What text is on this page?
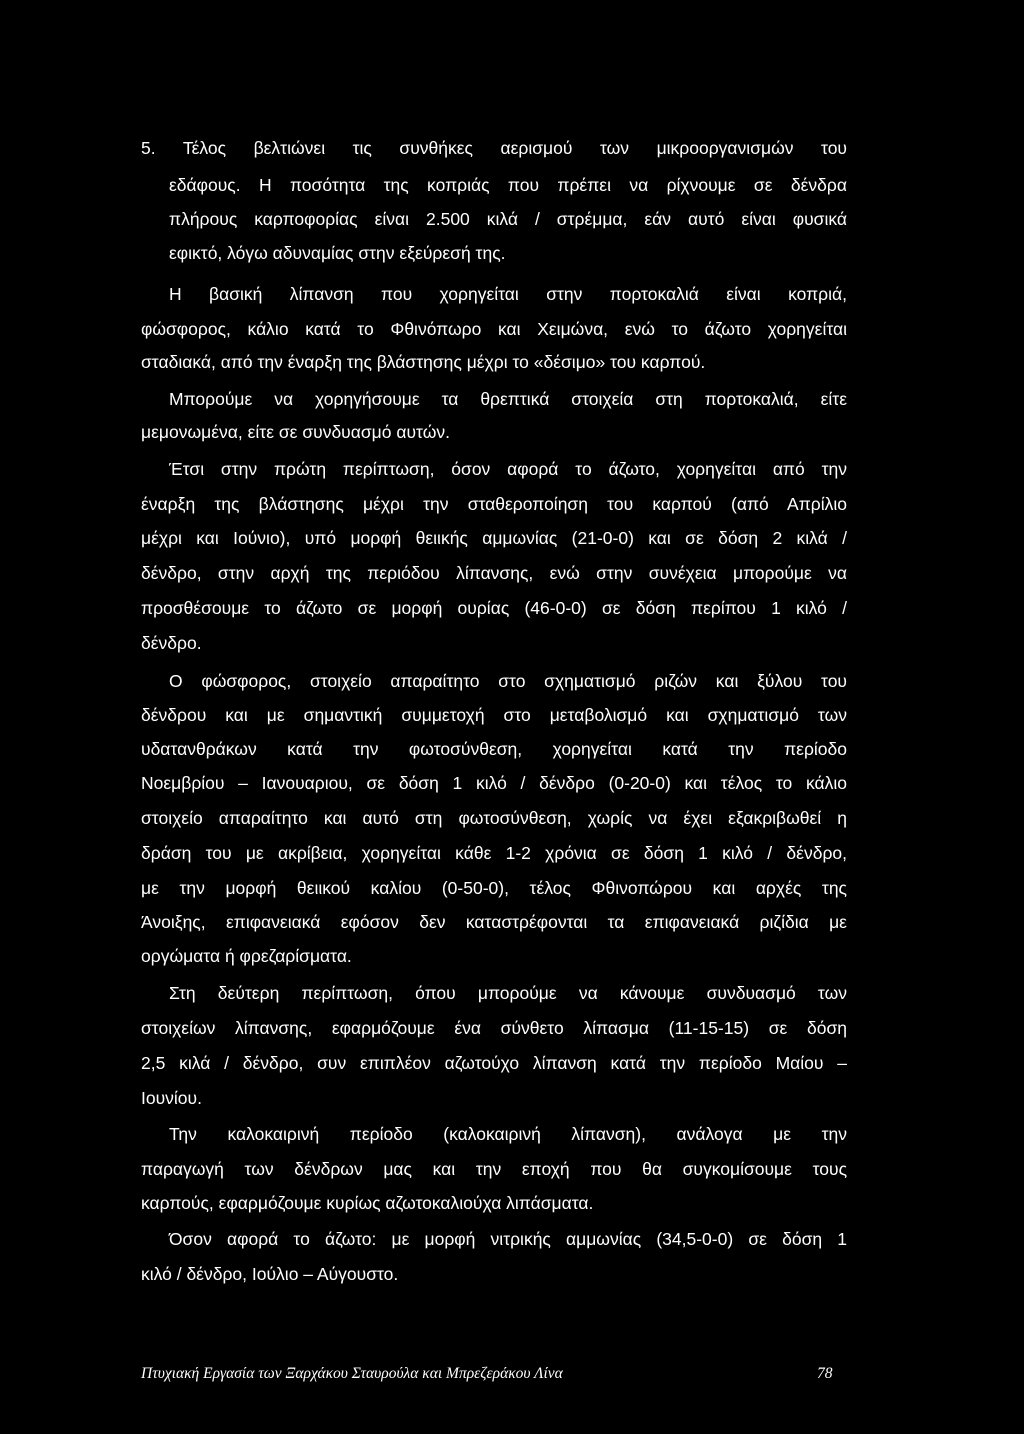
5. Τέλος βελτιώνει τις συνθήκες αερισμού των μικροοργανισμών του
εδάφους. Η ποσότητα της κοπριάς που πρέπει να ρίχνουμε σε δένδρα
πλήρους καρποφορίας είναι 2.500 κιλά / στρέμμα, εάν αυτό είναι φυσικά
εφικτό, λόγω αδυναμίας στην εξεύρεσή της.
Η βασική λίπανση που χορηγείται στην πορτοκαλιά είναι κοπριά,
φώσφορος, κάλιο κατά το Φθινόπωρο και Χειμώνα, ενώ το άζωτο χορηγείται
σταδιακά, από την έναρξη της βλάστησης μέχρι το «δέσιμο» του καρπού.
Μπορούμε να χορηγήσουμε τα θρεπτικά στοιχεία στη πορτοκαλιά, είτε
μεμονωμένα, είτε σε συνδυασμό αυτών.
Έτσι στην πρώτη περίπτωση, όσον αφορά το άζωτο, χορηγείται από την
έναρξη της βλάστησης μέχρι την σταθεροποίηση του καρπού (από Απρίλιο
μέχρι και Ιούνιο), υπό μορφή θειικής αμμωνίας (21-0-0) και σε δόση 2 κιλά /
δένδρο, στην αρχή της περιόδου λίπανσης, ενώ στην συνέχεια μπορούμε να
προσθέσουμε το άζωτο σε μορφή ουρίας (46-0-0) σε δόση περίπου 1 κιλό /
δένδρο.
Ο φώσφορος, στοιχείο απαραίτητο στο σχηματισμό ριζών και ξύλου του
δένδρου και με σημαντική συμμετοχή στο μεταβολισμό και σχηματισμό των
υδατανθράκων κατά την φωτοσύνθεση, χορηγείται κατά την περίοδο
Νοεμβρίου – Ιανουαριου, σε δόση 1 κιλό / δένδρο (0-20-0) και τέλος το κάλιο
στοιχείο απαραίτητο και αυτό στη φωτοσύνθεση, χωρίς να έχει εξακριβωθεί η
δράση του με ακρίβεια, χορηγείται κάθε 1-2 χρόνια σε δόση 1 κιλό / δένδρο,
με την μορφή θειικού καλίου (0-50-0), τέλος Φθινοπώρου και αρχές της
Άνοιξης, επιφανειακά εφόσον δεν καταστρέφονται τα επιφανειακά ριζίδια με
οργώματα ή φρεζαρίσματα.
Στη δεύτερη περίπτωση, όπου μπορούμε να κάνουμε συνδυασμό των
στοιχείων λίπανσης, εφαρμόζουμε ένα σύνθετο λίπασμα (11-15-15) σε δόση
2,5 κιλά / δένδρο, συν επιπλέον αζωτούχο λίπανση κατά την περίοδο Μαίου –
Ιουνίου.
Την καλοκαιρινή περίοδο (καλοκαιρινή λίπανση), ανάλογα με την
παραγωγή των δένδρων μας και την εποχή που θα συγκομίσουμε τους
καρπούς, εφαρμόζουμε κυρίως αζωτοκαλιούχα λιπάσματα.
Όσον αφορά το άζωτο: με μορφή νιτρικής αμμωνίας (34,5-0-0) σε δόση 1
κιλό / δένδρο, Ιούλιο – Αύγουστο.
Πτυχιακή Εργασία των Ξαρχάκου Σταυρούλα και Μπρεζεράκου Λίνα	78
